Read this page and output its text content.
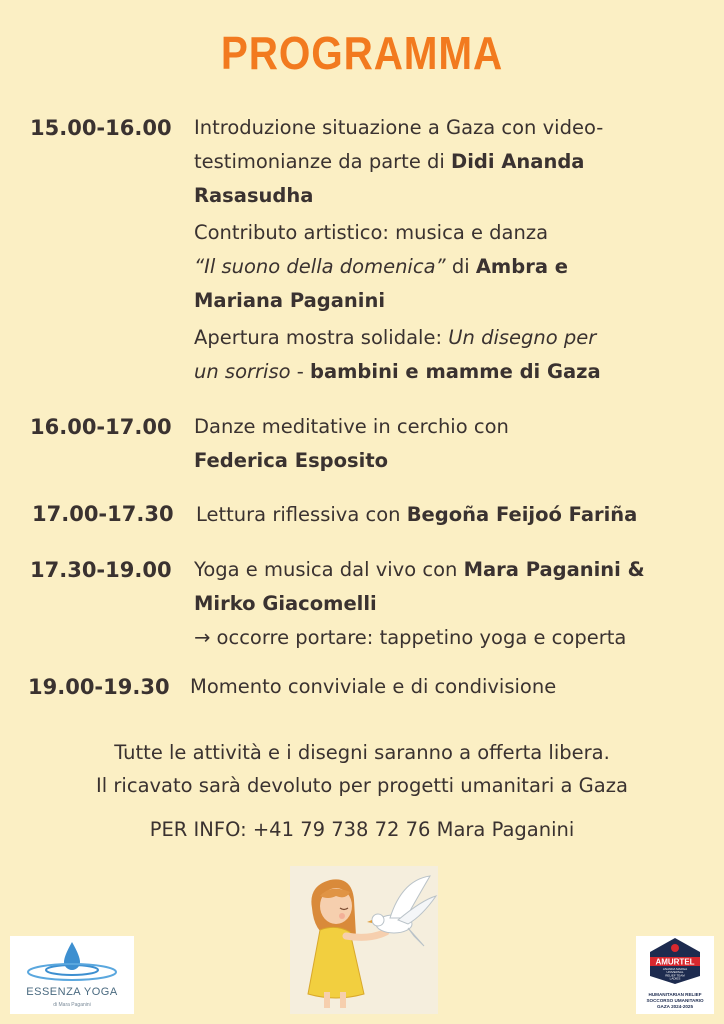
PROGRAMMA
15.00-16.00 Introduzione situazione a Gaza con video-
testimonianze da parte di Didi Ananda
Rasasudha
Contributo artistico: musica e danza
“Il suono della domenica” di Ambra e
Mariana Paganini
Apertura mostra solidale: Un disegno per
un sorriso - bambini e mamme di Gaza
16.00-17.00 Danze meditative in cerchio con
Federica Esposito
17.00-17.30 Lettura riflessiva con Begoña Feijoó Fariña
17.30-19.00 Yoga e musica dal vivo con Mara Paganini &
Mirko Giacomelli
→ occorre portare: tappetino yoga e coperta
19.00-19.30 Momento conviviale e di condivisione
Tutte le attività e i disegni saranno a offerta libera.
Il ricavato sarà devoluto per progetti umanitari a Gaza
PER INFO: +41 79 738 72 76 Mara Paganini
ESSENZA YOGA
di Mara Paganini
AMURTEL
ANANDA MARGA
UNIVERSAL
RELIEF TEAM
LADIES
HUMANITARIAN RELIEF
SOCCORSO UMANITARIO
GAZA 2024-2025
